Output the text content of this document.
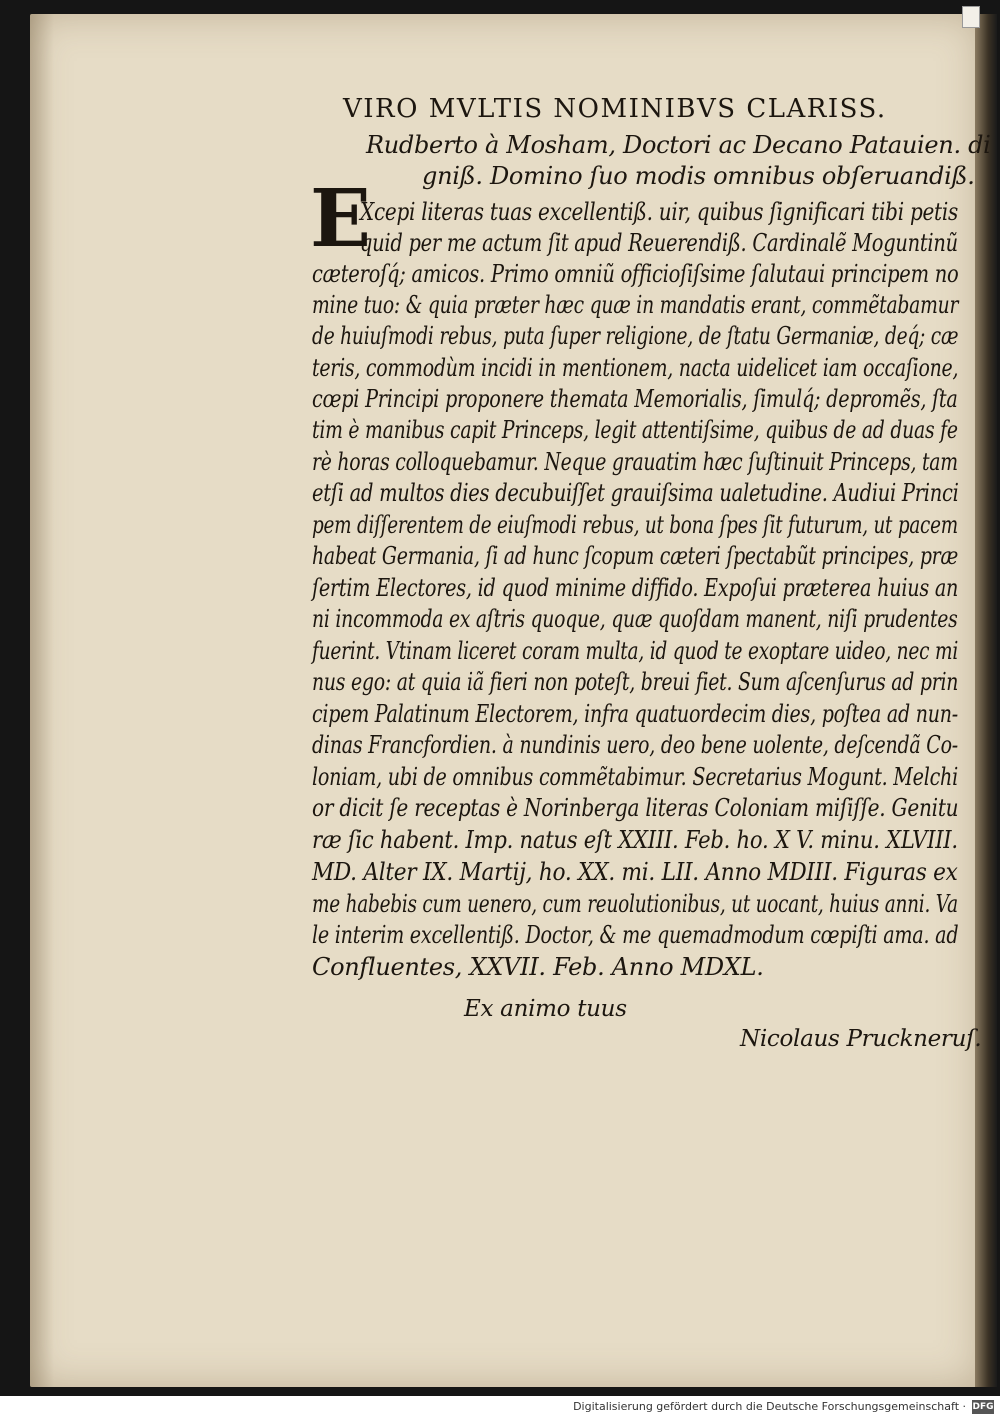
VIRO MVLTIS NOMINIBVS CLARISS.
Rudberto à Mosham, Doctori ac Decano Patauien. di
gniß. Domino ſuo modis omnibus obſeruandiß.
E
Xcepi literas tuas excellentiß. uir, quibus ſignificari tibi petis
quid per me actum ſit apud Reuerendiß. Cardinalẽ Moguntinũ
cæteroſq́; amicos. Primo omniũ officioſiſsime ſalutaui principem no
mine tuo: & quia præter hæc quæ in mandatis erant, commẽtabamur
de huiuſmodi rebus, puta ſuper religione, de ſtatu Germaniæ, deq́; cæ
teris, commodùm incidi in mentionem, nacta uidelicet iam occaſione,
cœpi Principi proponere themata Memorialis, ſimulq́; depromẽs, ſta
tim è manibus capit Princeps, legit attentiſsime, quibus de ad duas fe
rè horas colloquebamur. Neque grauatim hæc ſuſtinuit Princeps, tam
etſi ad multos dies decubuiſſet grauiſsima ualetudine. Audiui Princi
pem diſſerentem de eiuſmodi rebus, ut bona ſpes ſit futurum, ut pacem
habeat Germania, ſi ad hunc ſcopum cæteri ſpectabũt principes, præ
ſertim Electores, id quod minime diffido. Expoſui præterea huius an
ni incommoda ex aſtris quoque, quæ quoſdam manent, niſi prudentes
fuerint. Vtinam liceret coram multa, id quod te exoptare uideo, nec mi
nus ego: at quia iã fieri non poteſt, breui fiet. Sum aſcenſurus ad prin
cipem Palatinum Electorem, infra quatuordecim dies, poſtea ad nun-
dinas Francfordien. à nundinis uero, deo bene uolente, deſcendã Co-
loniam, ubi de omnibus commẽtabimur. Secretarius Mogunt. Melchi
or dicit ſe receptas è Norinberga literas Coloniam miſiſſe. Genitu
ræ ſic habent. Imp. natus eſt XXIII. Feb. ho. X V. minu. XLVIII.
MD. Alter IX. Martij, ho. XX. mi. LII. Anno MDIII. Figuras ex
me habebis cum uenero, cum reuolutionibus, ut uocant, huius anni. Va
le interim excellentiß. Doctor, & me quemadmodum cœpiſti ama. ad
Confluentes, XXVII. Feb. Anno MDXL.
Ex animo tuus
Nicolaus Pruckneruſ.
Digitalisierung gefördert durch die Deutsche Forschungsgemeinschaft · DFG
